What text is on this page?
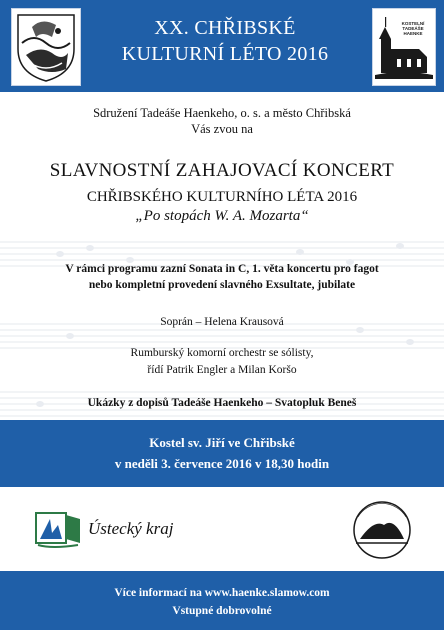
XX. CHŘIBSKÉ
KULTURNÍ LÉTO 2016
KOSTELNÍ TADEÁŠE HAENKE
Sdružení Tadeáše Haenkeho, o. s. a město Chřibská
Vás zvou na
SLAVNOSTNÍ ZAHAJOVACÍ KONCERT
CHŘIBSKÉHO KULTURNÍHO LÉTA 2016
„Po stopách W. A. Mozarta“
V rámci programu zazní Sonata in C, 1. věta koncertu pro fagot
nebo kompletní provedení slavného Exsultate, jubilate
Soprán – Helena Krausová
Rumburský komorní orchestr se sólisty,
řídí Patrik Engler a Milan Koršo
Ukázky z dopisů Tadeáše Haenkeho – Svatopluk Beneš
Kostel sv. Jiří ve Chřibské
v neděli 3. července 2016 v 18,30 hodin
Ústecký kraj
Více informací na www.haenke.slamow.com
Vstupné dobrovolné
